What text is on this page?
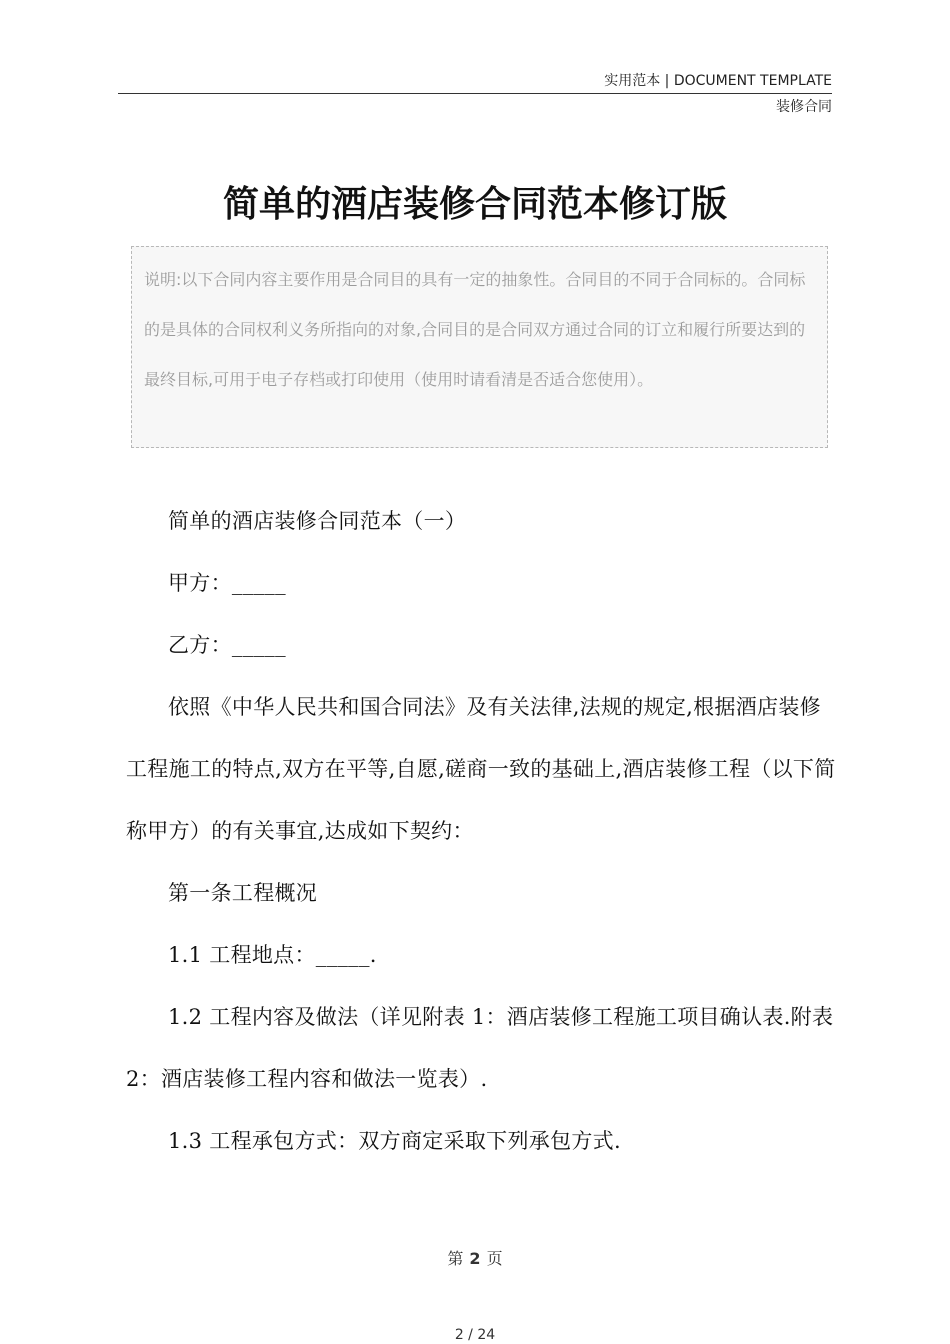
实用范本 | DOCUMENT TEMPLATE
装修合同
简单的酒店装修合同范本修订版
说明:以下合同内容主要作用是合同目的具有一定的抽象性。合同目的不同于合同标的。合同标的是具体的合同权利义务所指向的对象,合同目的是合同双方通过合同的订立和履行所要达到的最终目标,可用于电子存档或打印使用（使用时请看清是否适合您使用）。

简单的酒店装修合同范本（一）

甲方：_____

乙方：_____

依照《中华人民共和国合同法》及有关法律,法规的规定,根据酒店装修工程施工的特点,双方在平等,自愿,磋商一致的基础上,酒店装修工程（以下简称甲方）的有关事宜,达成如下契约：

第一条工程概况

1.1 工程地点：_____.

1.2 工程内容及做法（详见附表 1：酒店装修工程施工项目确认表.附表 2：酒店装修工程内容和做法一览表）.

1.3 工程承包方式：双方商定采取下列承包方式.

第 2 页
2 / 24
